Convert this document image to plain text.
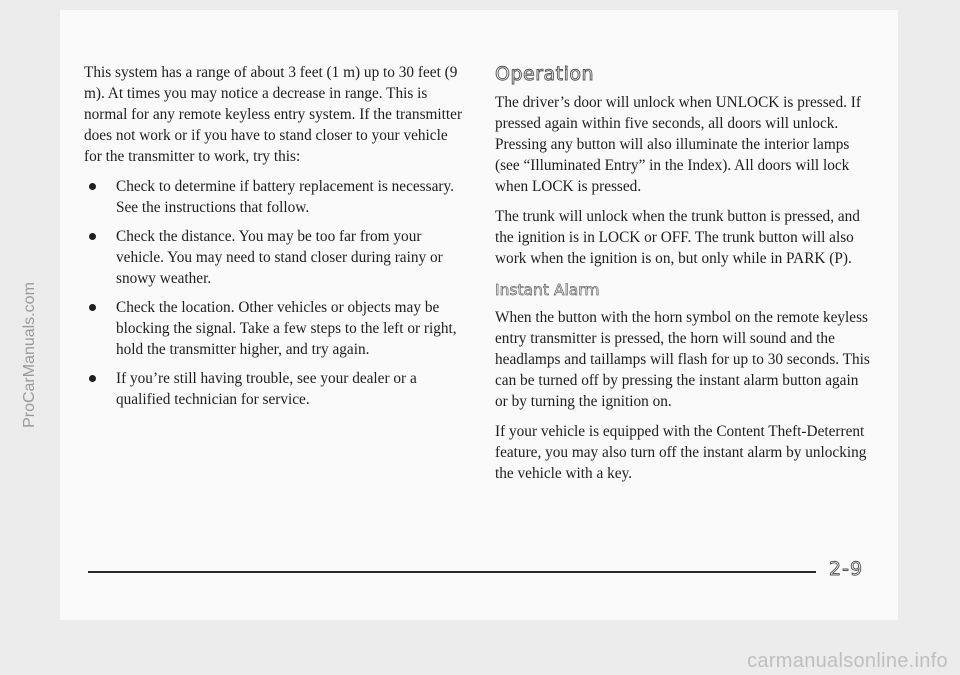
This system has a range of about 3 feet (1 m) up to 30 feet (9 m). At times you may notice a decrease in range. This is normal for any remote keyless entry system. If the transmitter does not work or if you have to stand closer to your vehicle for the transmitter to work, try this:

Check to determine if battery replacement is necessary. See the instructions that follow.
Check the distance. You may be too far from your vehicle. You may need to stand closer during rainy or snowy weather.
Check the location. Other vehicles or objects may be blocking the signal. Take a few steps to the left or right, hold the transmitter higher, and try again.
If you’re still having trouble, see your dealer or a qualified technician for service.
Operation

The driver’s door will unlock when UNLOCK is pressed. If pressed again within five seconds, all doors will unlock. Pressing any button will also illuminate the interior lamps (see “Illuminated Entry” in the Index). All doors will lock when LOCK is pressed.

The trunk will unlock when the trunk button is pressed, and the ignition is in LOCK or OFF. The trunk button will also work when the ignition is on, but only while in PARK (P).

Instant Alarm

When the button with the horn symbol on the remote keyless entry transmitter is pressed, the horn will sound and the headlamps and taillamps will flash for up to 30 seconds. This can be turned off by pressing the instant alarm button again or by turning the ignition on.

If your vehicle is equipped with the Content Theft-Deterrent feature, you may also turn off the instant alarm by unlocking the vehicle with a key.

2-9
ProCarManuals.com
carmanualsonline.info
